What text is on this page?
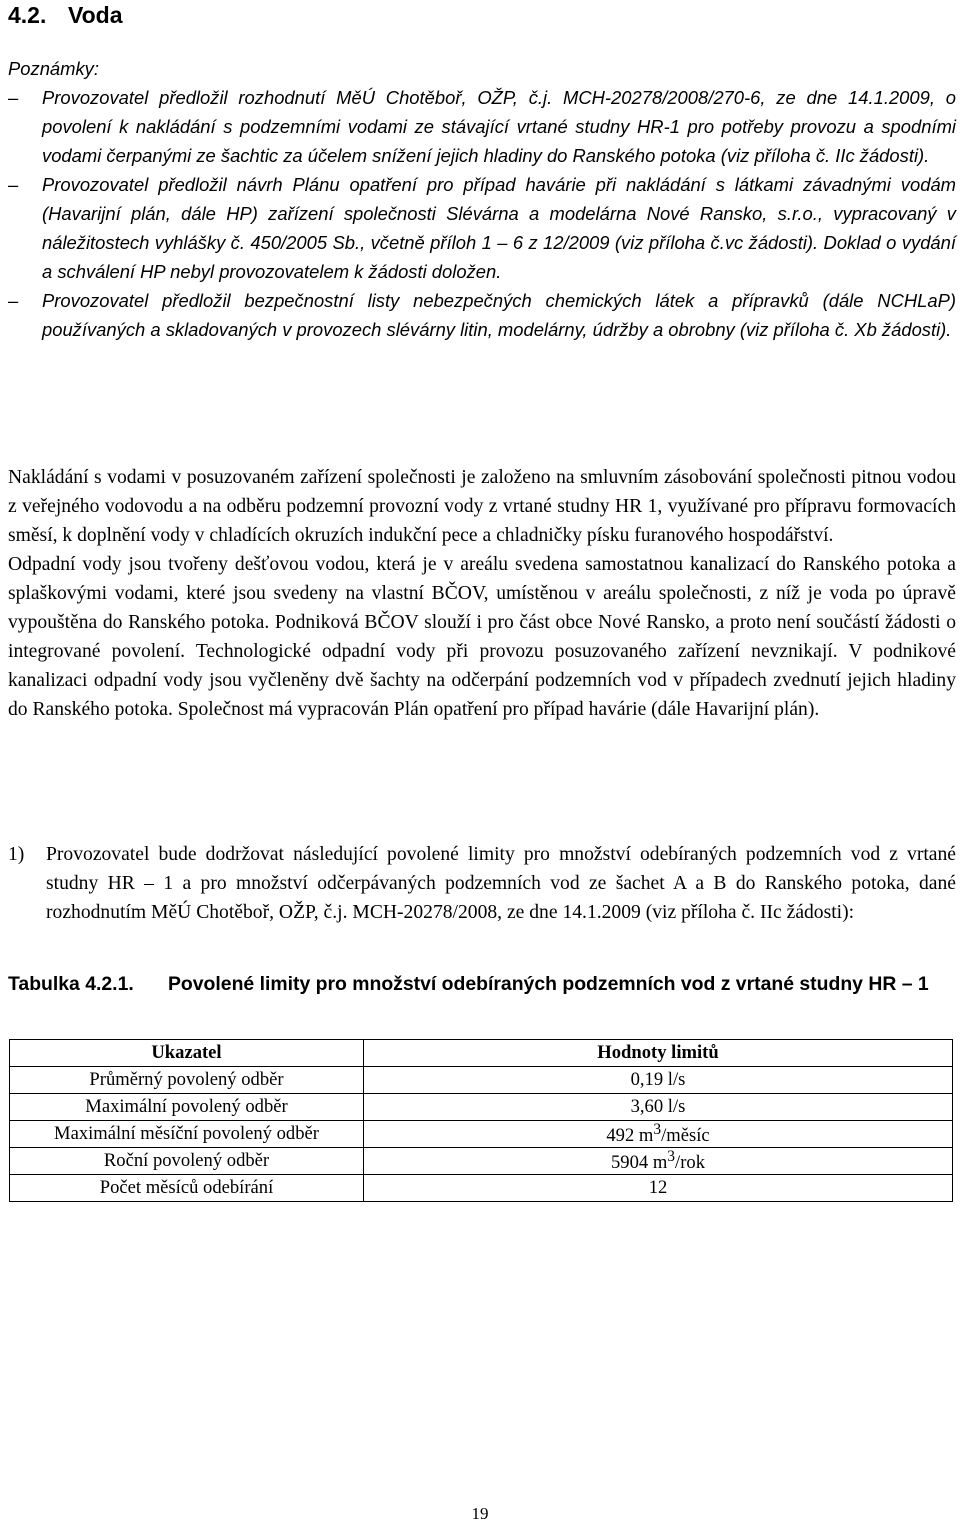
4.2. Voda

Poznámky:

–	Provozovatel předložil rozhodnutí MěÚ Chotěboř, OŽP, č.j. MCH-20278/2008/270-6, ze dne 14.1.2009, o povolení k nakládání s podzemními vodami ze stávající vrtané studny HR-1 pro potřeby provozu a spodními vodami čerpanými ze šachtic za účelem snížení jejich hladiny do Ranského potoka (viz příloha č. IIc žádosti).
–	Provozovatel předložil návrh Plánu opatření pro případ havárie při nakládání s látkami závadnými vodám (Havarijní plán, dále HP) zařízení společnosti Slévárna a modelárna Nové Ransko, s.r.o., vypracovaný v náležitostech vyhlášky č. 450/2005 Sb., včetně příloh 1 – 6 z 12/2009 (viz příloha č.vc žádosti). Doklad o vydání a schválení HP nebyl provozovatelem k žádosti doložen.
–	Provozovatel předložil bezpečnostní listy nebezpečných chemických látek a přípravků (dále NCHLaP) používaných a skladovaných v provozech slévárny litin, modelárny, údržby a obrobny (viz příloha č. Xb žádosti).

Nakládání s vodami v posuzovaném zařízení společnosti je založeno na smluvním zásobování společnosti pitnou vodou z veřejného vodovodu a na odběru podzemní provozní vody z vrtané studny HR 1, využívané pro přípravu formovacích směsí, k doplnění vody v chladících okruzích indukční pece a chladničky písku furanového hospodářství.

Odpadní vody jsou tvořeny dešťovou vodou, která je v areálu svedena samostatnou kanalizací do Ranského potoka a splaškovými vodami, které jsou svedeny na vlastní BČOV, umístěnou v areálu společnosti, z níž je voda po úpravě vypouštěna do Ranského potoka. Podniková BČOV slouží i pro část obce Nové Ransko, a proto není součástí žádosti o integrované povolení. Technologické odpadní vody při provozu posuzovaného zařízení nevznikají. V podnikové kanalizaci odpadní vody jsou vyčleněny dvě šachty na odčerpání podzemních vod v případech zvednutí jejich hladiny do Ranského potoka. Společnost má vypracován Plán opatření pro případ havárie (dále Havarijní plán).

1) Provozovatel bude dodržovat následující povolené limity pro množství odebíraných podzemních vod z vrtané studny HR – 1 a pro množství odčerpávaných podzemních vod ze šachet A a B do Ranského potoka, dané rozhodnutím MěÚ Chotěboř, OŽP, č.j. MCH-20278/2008, ze dne 14.1.2009 (viz příloha č. IIc žádosti):
Tabulka 4.2.1. Povolené limity pro množství odebíraných podzemních vod z vrtané studny HR – 1
Ukazatel	Hodnoty limitů
Průměrný povolený odběr	0,19 l/s
Maximální povolený odběr	3,60 l/s
Maximální měsíční povolený odběr	492 $m^3$/měsíc
Roční povolený odběr	5904 $m^3$/rok
Počet měsíců odebírání	12
19
